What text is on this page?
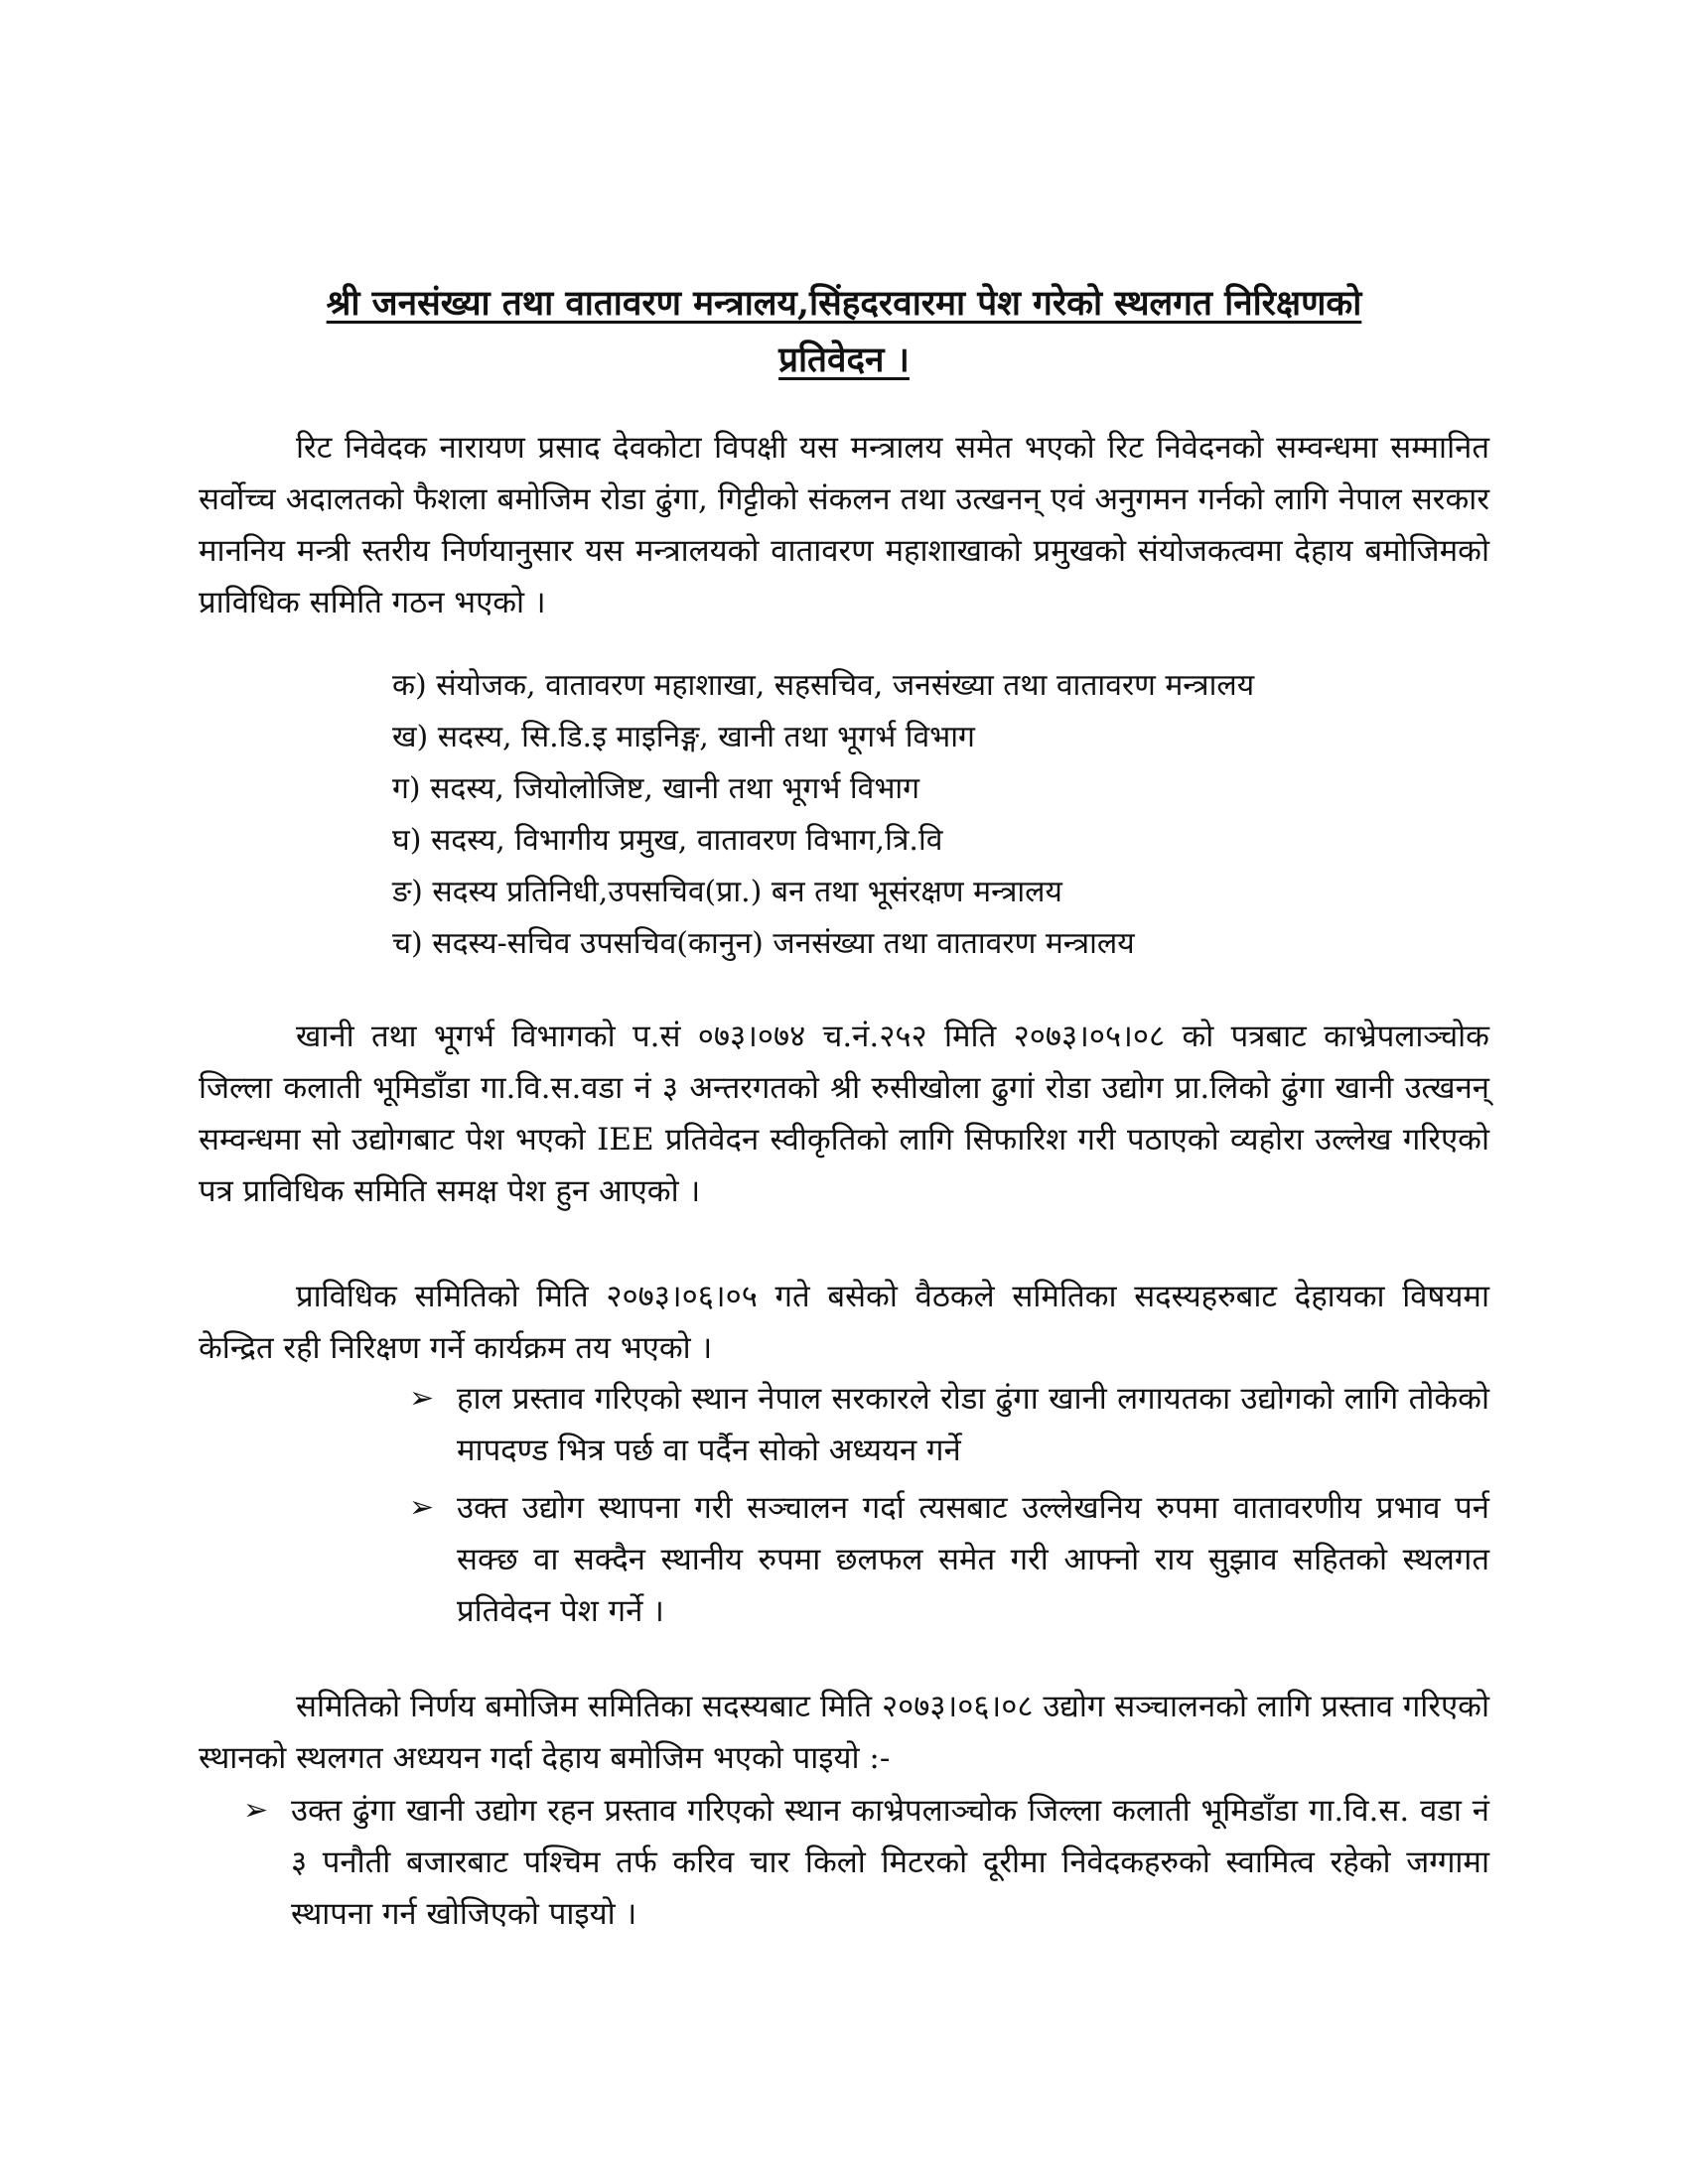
श्री जनसंख्या तथा वातावरण मन्त्रालय,सिंहदरवारमा पेश गरेको स्थलगत निरिक्षणको
प्रतिवेदन ।
रिट निवेदक नारायण प्रसाद देवकोटा विपक्षी यस मन्त्रालय समेत भएको रिट निवेदनको सम्वन्धमा सम्मानित सर्वोच्च अदालतको फैशला बमोजिम रोडा ढुंगा, गिट्टीको संकलन तथा उत्खनन् एवं अनुगमन गर्नको लागि नेपाल सरकार माननिय मन्त्री स्तरीय निर्णयानुसार यस मन्त्रालयको वातावरण महाशाखाको प्रमुखको संयोजकत्वमा देहाय बमोजिमको प्राविधिक समिति गठन भएको ।
क) संयोजक, वातावरण महाशाखा, सहसचिव, जनसंख्या तथा वातावरण मन्त्रालय
ख) सदस्य, सि.डि.इ माइनिङ्ग, खानी तथा भूगर्भ विभाग
ग) सदस्य, जियोलोजिष्ट, खानी तथा भूगर्भ विभाग
घ) सदस्य, विभागीय प्रमुख, वातावरण विभाग,त्रि.वि
ङ) सदस्य प्रतिनिधी,उपसचिव(प्रा.) बन तथा भूसंरक्षण मन्त्रालय
च) सदस्य-सचिव उपसचिव(कानुन) जनसंख्या तथा वातावरण मन्त्रालय
खानी तथा भूगर्भ विभागको प.सं ०७३।०७४ च.नं.२५२ मिति २०७३।०५।०८ को पत्रबाट काभ्रेपलाञ्चोक जिल्ला कलाती भूमिडाँडा गा.वि.स.वडा नं ३ अन्तरगतको श्री रुसीखोला ढुगां रोडा उद्योग प्रा.लिको ढुंगा खानी उत्खनन् सम्वन्धमा सो उद्योगबाट पेश भएको IEE प्रतिवेदन स्वीकृतिको लागि सिफारिश गरी पठाएको व्यहोरा उल्लेख गरिएको पत्र प्राविधिक समिति समक्ष पेश हुन आएको ।
प्राविधिक समितिको मिति २०७३।०६।०५ गते बसेको वैठकले समितिका सदस्यहरुबाट देहायका विषयमा केन्द्रित रही निरिक्षण गर्ने कार्यक्रम तय भएको ।
➢ हाल प्रस्ताव गरिएको स्थान नेपाल सरकारले रोडा ढुंगा खानी लगायतका उद्योगको लागि तोकेको मापदण्ड भित्र पर्छ वा पर्दैन सोको अध्ययन गर्ने
➢ उक्त उद्योग स्थापना गरी सञ्चालन गर्दा त्यसबाट उल्लेखनिय रुपमा वातावरणीय प्रभाव पर्न सक्छ वा सक्दैन स्थानीय रुपमा छलफल समेत गरी आफ्नो राय सुझाव सहितको स्थलगत प्रतिवेदन पेश गर्ने ।
समितिको निर्णय बमोजिम समितिका सदस्यबाट मिति २०७३।०६।०८ उद्योग सञ्चालनको लागि प्रस्ताव गरिएको स्थानको स्थलगत अध्ययन गर्दा देहाय बमोजिम भएको पाइयो :-
➢ उक्त ढुंगा खानी उद्योग रहन प्रस्ताव गरिएको स्थान काभ्रेपलाञ्चोक जिल्ला कलाती भूमिडाँडा गा.वि.स. वडा नं ३ पनौती बजारबाट पश्चिम तर्फ करिव चार किलो मिटरको दूरीमा निवेदकहरुको स्वामित्व रहेको जग्गामा स्थापना गर्न खोजिएको पाइयो ।
